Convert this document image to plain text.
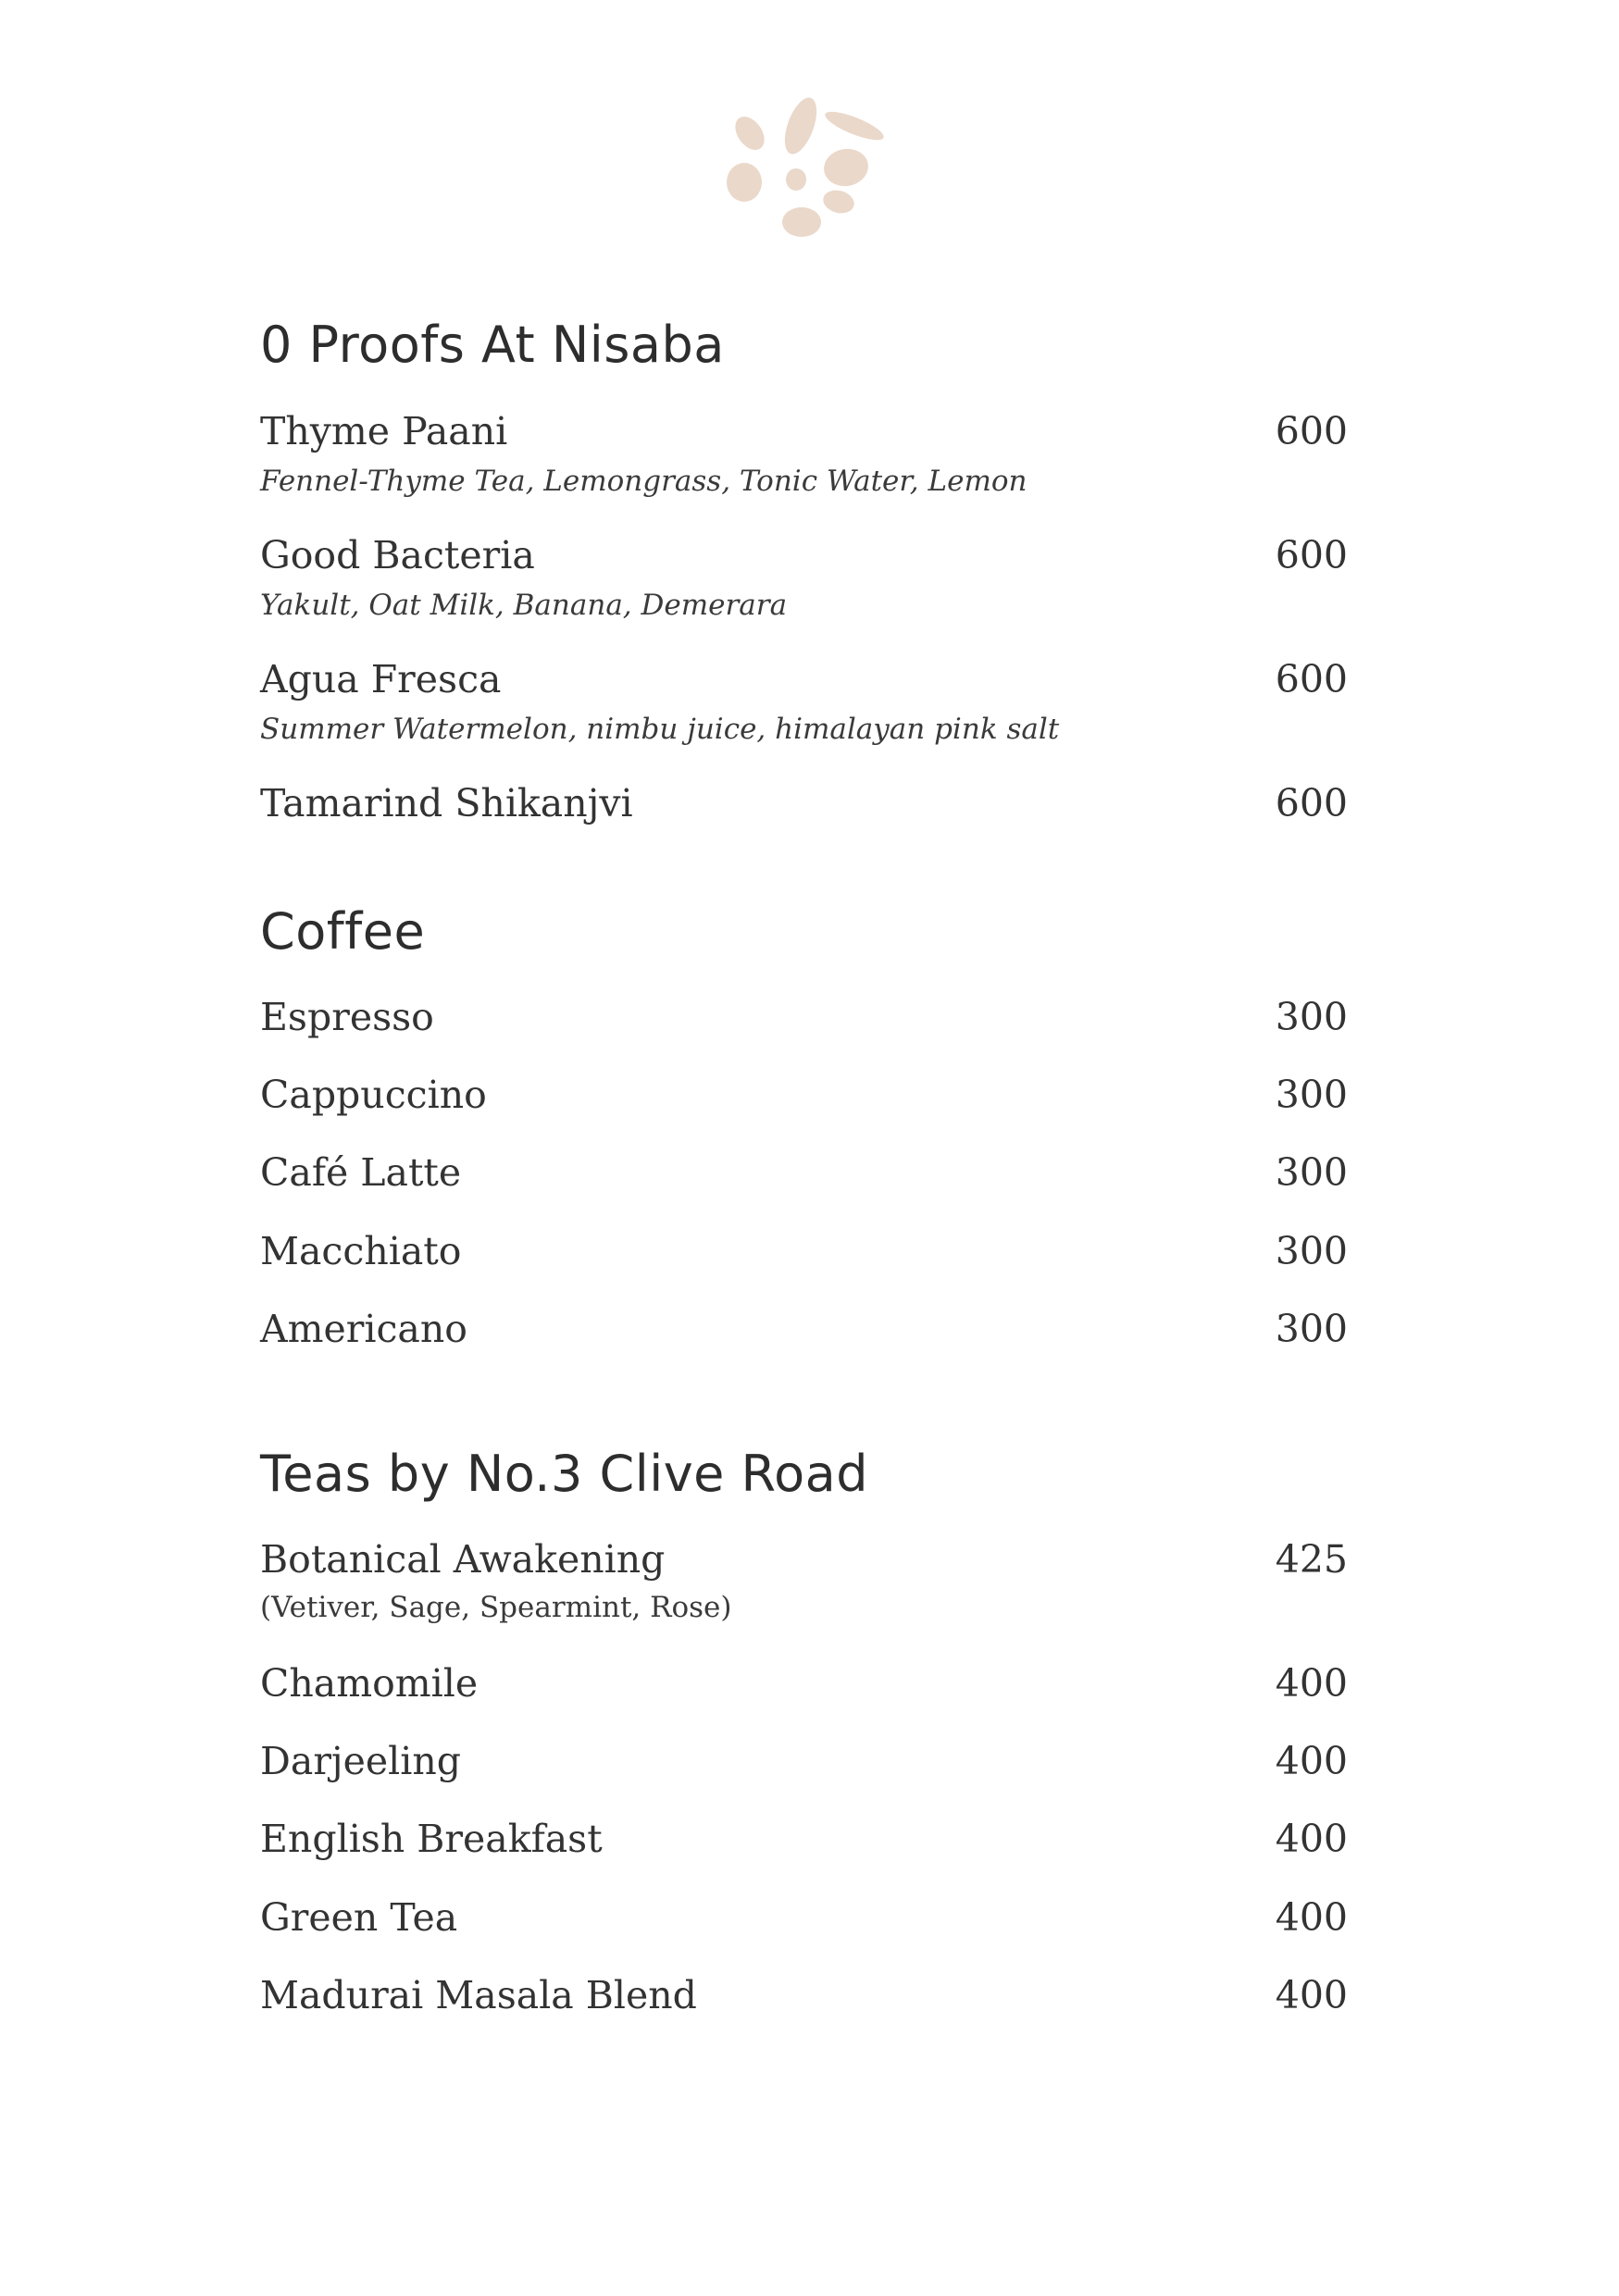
0 Proofs At Nisaba
Thyme Paani	600
Fennel-Thyme Tea, Lemongrass, Tonic Water, Lemon
Good Bacteria	600
Yakult, Oat Milk, Banana, Demerara
Agua Fresca	600
Summer Watermelon, nimbu juice, himalayan pink salt
Tamarind Shikanjvi	600
Coffee
Espresso	300
Cappuccino	300
Café Latte	300
Macchiato	300
Americano	300
Teas by No.3 Clive Road
Botanical Awakening	425
(Vetiver, Sage, Spearmint, Rose)
Chamomile	400
Darjeeling	400
English Breakfast	400
Green Tea	400
Madurai Masala Blend	400
